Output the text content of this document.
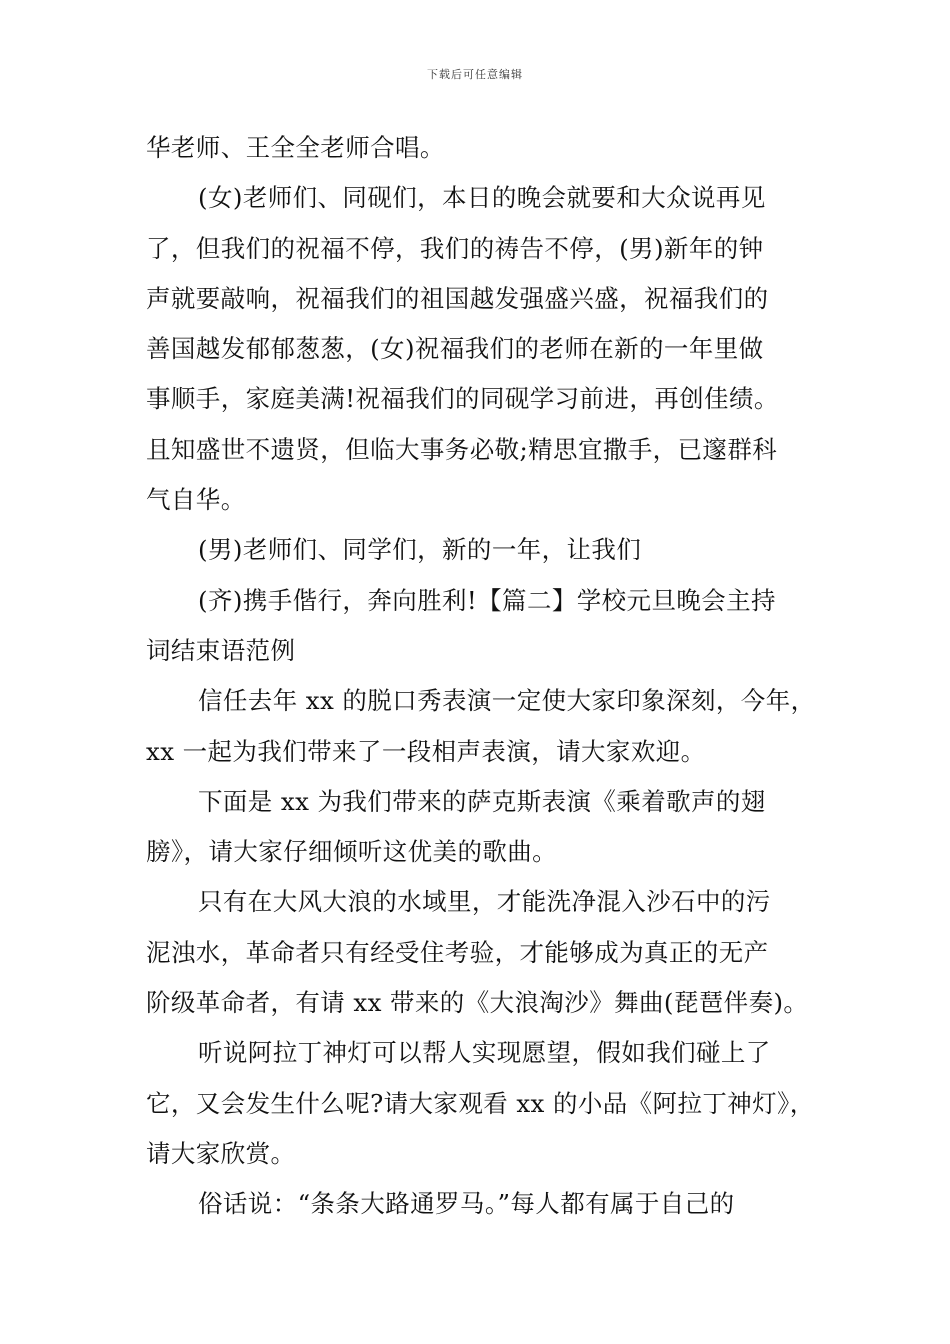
下载后可任意编辑
华老师、王全全老师合唱。
(女)老师们、同砚们，本日的晚会就要和大众说再见
了，但我们的祝福不停，我们的祷告不停，(男)新年的钟
声就要敲响，祝福我们的祖国越发强盛兴盛，祝福我们的
善国越发郁郁葱葱，(女)祝福我们的老师在新的一年里做
事顺手，家庭美满!祝福我们的同砚学习前进，再创佳绩。
且知盛世不遗贤，但临大事务必敬;精思宜撒手，已邃群科
气自华。
(男)老师们、同学们，新的一年，让我们
(齐)携手偕行，奔向胜利!【篇二】学校元旦晚会主持
词结束语范例
信任去年 xx 的脱口秀表演一定使大家印象深刻，今年，
xx 一起为我们带来了一段相声表演，请大家欢迎。
下面是 xx 为我们带来的萨克斯表演《乘着歌声的翅
膀》，请大家仔细倾听这优美的歌曲。
只有在大风大浪的水域里，才能洗净混入沙石中的污
泥浊水，革命者只有经受住考验，才能够成为真正的无产
阶级革命者，有请 xx 带来的《大浪淘沙》舞曲(琵琶伴奏)。
听说阿拉丁神灯可以帮人实现愿望，假如我们碰上了
它，又会发生什么呢?请大家观看 xx 的小品《阿拉丁神灯》，
请大家欣赏。
俗话说：“条条大路通罗马。”每人都有属于自己的
